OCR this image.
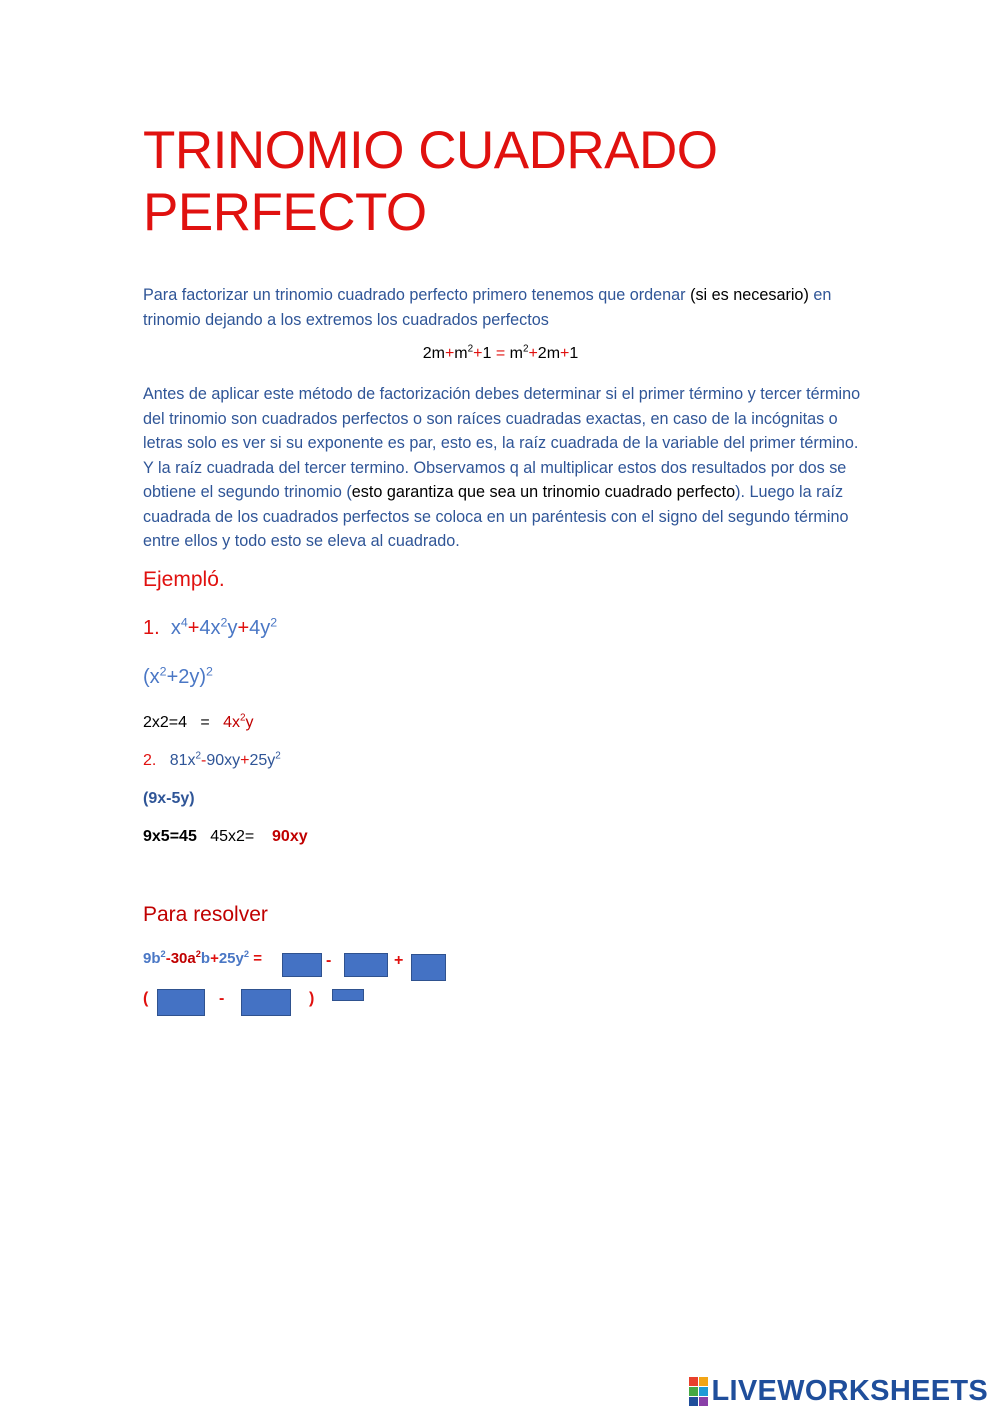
TRINOMIO CUADRADO
PERFECTO

Para factorizar un trinomio cuadrado perfecto primero tenemos que ordenar (si es necesario) en trinomio dejando a los extremos los cuadrados perfectos

$2m+m^2+1 = m^2+2m+1$

Antes de aplicar este método de factorización debes determinar si el primer término y tercer término del trinomio son cuadrados perfectos o son raíces cuadradas exactas, en caso de la incógnitas o letras solo es ver si su exponente es par, esto es, la raíz cuadrada de la variable del primer término. Y la raíz cuadrada del tercer termino. Observamos q al multiplicar estos dos resultados por dos se obtiene el segundo trinomio (esto garantiza que sea un trinomio cuadrado perfecto). Luego la raíz cuadrada de los cuadrados perfectos se coloca en un paréntesis con el signo del segundo término entre ellos y todo esto se eleva al cuadrado.

Ejempló.
1. $x^4+4x^2y+4y^2$
$(x^2+2y)^2$
$2x2=4 = 4x^2y$
2. $81x^2-90xy+25y^2$
(9x-5y)
9x5=45 45x2= 90xy
Para resolver
$9b^2-30a^2b+25y^2$ =	-	+
(	-	)
LIVEWORKSHEETS
